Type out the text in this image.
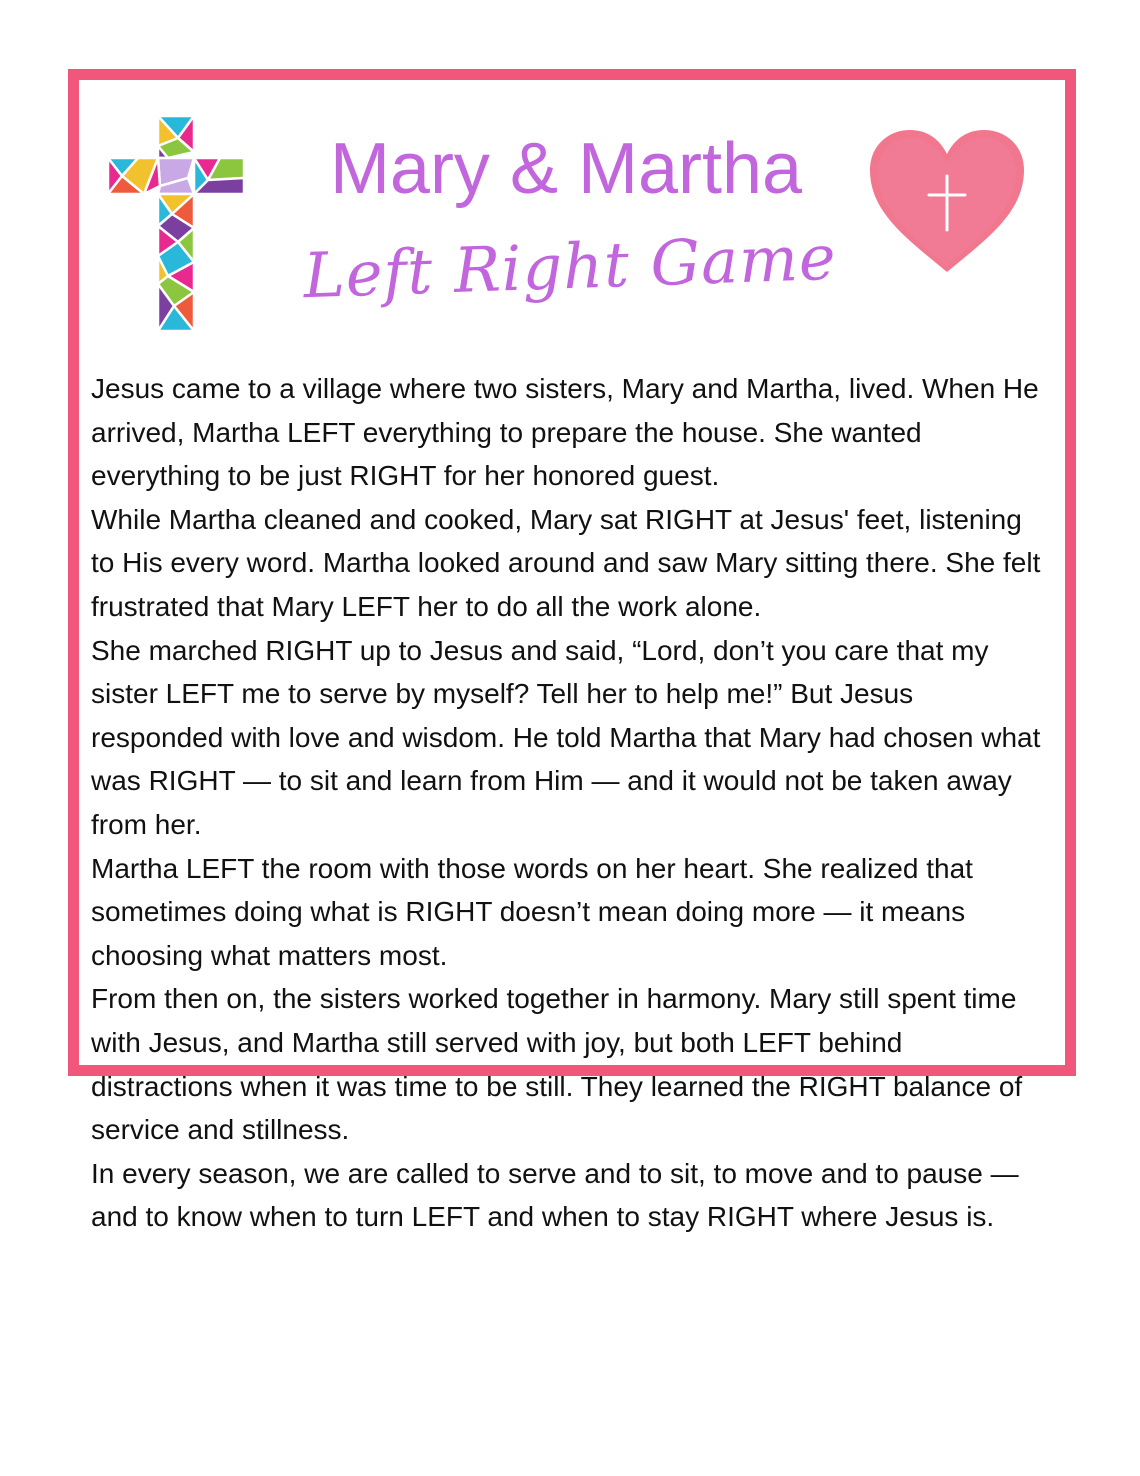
Mary & Martha
Left Right Game

Jesus came to a village where two sisters, Mary and Martha, lived. When He arrived, Martha LEFT everything to prepare the house. She wanted everything to be just RIGHT for her honored guest.

While Martha cleaned and cooked, Mary sat RIGHT at Jesus' feet, listening to His every word. Martha looked around and saw Mary sitting there. She felt frustrated that Mary LEFT her to do all the work alone.

She marched RIGHT up to Jesus and said, “Lord, don’t you care that my sister LEFT me to serve by myself? Tell her to help me!” But Jesus responded with love and wisdom. He told Martha that Mary had chosen what was RIGHT — to sit and learn from Him — and it would not be taken away from her.

Martha LEFT the room with those words on her heart. She realized that sometimes doing what is RIGHT doesn’t mean doing more — it means choosing what matters most.

From then on, the sisters worked together in harmony. Mary still spent time with Jesus, and Martha still served with joy, but both LEFT behind distractions when it was time to be still. They learned the RIGHT balance of service and stillness.

In every season, we are called to serve and to sit, to move and to pause — and to know when to turn LEFT and when to stay RIGHT where Jesus is.
